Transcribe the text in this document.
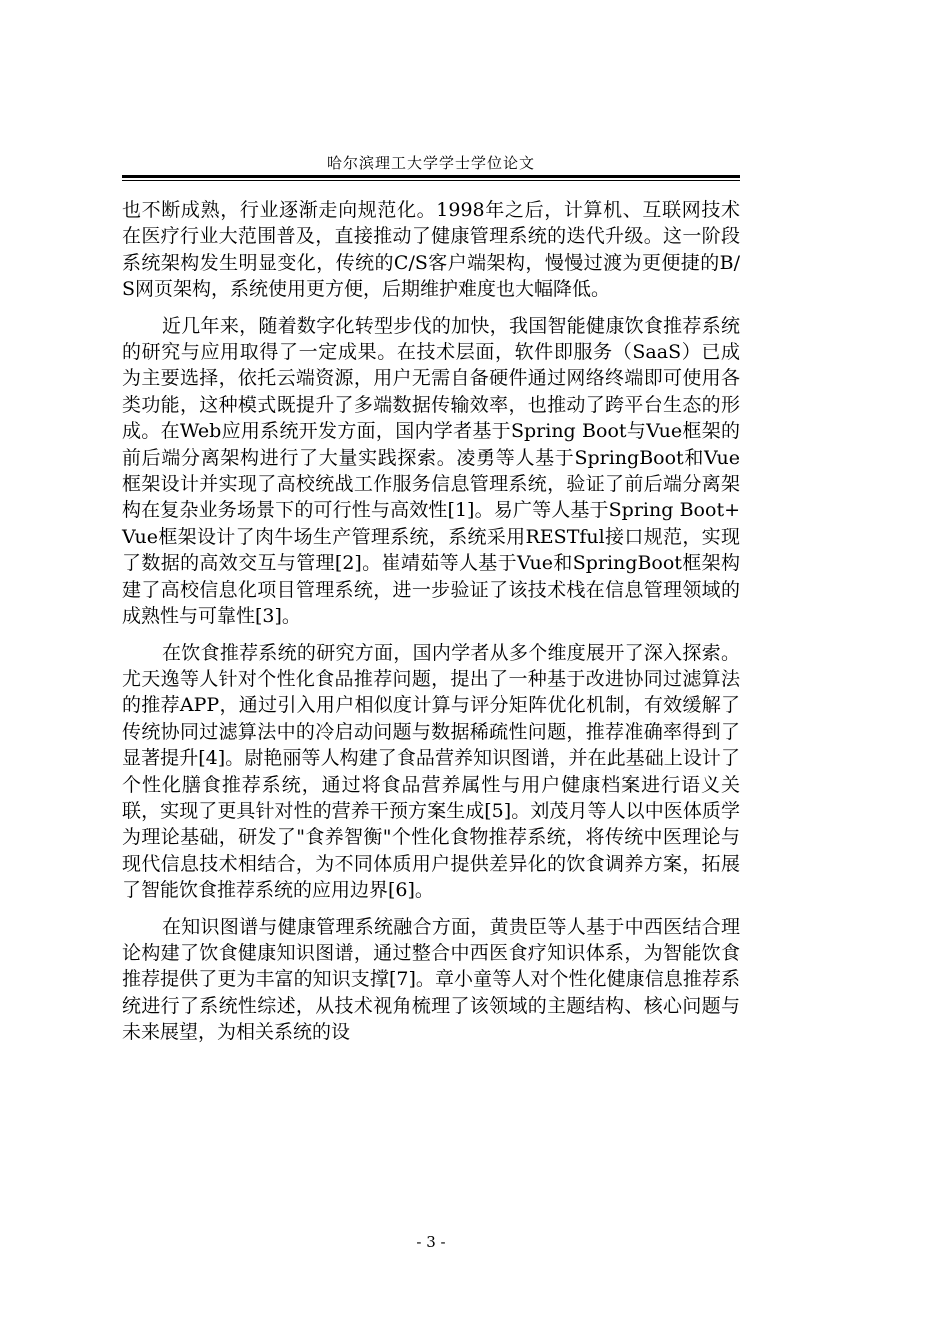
哈尔滨理工大学学士学位论文

也不断成熟，行业逐渐走向规范化。1998年之后，计算机、互联网技术在医疗行业大范围普及，直接推动了健康管理系统的迭代升级。这一阶段系统架构发生明显变化，传统的C/S客户端架构，慢慢过渡为更便捷的B/S网页架构，系统使用更方便，后期维护难度也大幅降低。

近几年来，随着数字化转型步伐的加快，我国智能健康饮食推荐系统的研究与应用取得了一定成果。在技术层面，软件即服务（SaaS）已成为主要选择，依托云端资源，用户无需自备硬件通过网络终端即可使用各类功能，这种模式既提升了多端数据传输效率，也推动了跨平台生态的形成。在Web应用系统开发方面，国内学者基于Spring Boot与Vue框架的前后端分离架构进行了大量实践探索。凌勇等人基于SpringBoot和Vue框架设计并实现了高校统战工作服务信息管理系统，验证了前后端分离架构在复杂业务场景下的可行性与高效性[1]。易广等人基于Spring Boot+Vue框架设计了肉牛场生产管理系统，系统采用RESTful接口规范，实现了数据的高效交互与管理[2]。崔靖茹等人基于Vue和SpringBoot框架构建了高校信息化项目管理系统，进一步验证了该技术栈在信息管理领域的成熟性与可靠性[3]。

在饮食推荐系统的研究方面，国内学者从多个维度展开了深入探索。尤天逸等人针对个性化食品推荐问题，提出了一种基于改进协同过滤算法的推荐APP，通过引入用户相似度计算与评分矩阵优化机制，有效缓解了传统协同过滤算法中的冷启动问题与数据稀疏性问题，推荐准确率得到了显著提升[4]。尉艳丽等人构建了食品营养知识图谱，并在此基础上设计了个性化膳食推荐系统，通过将食品营养属性与用户健康档案进行语义关联，实现了更具针对性的营养干预方案生成[5]。刘茂月等人以中医体质学为理论基础，研发了"食养智衡"个性化食物推荐系统，将传统中医理论与现代信息技术相结合，为不同体质用户提供差异化的饮食调养方案，拓展了智能饮食推荐系统的应用边界[6]。

在知识图谱与健康管理系统融合方面，黄贵臣等人基于中西医结合理论构建了饮食健康知识图谱，通过整合中西医食疗知识体系，为智能饮食推荐提供了更为丰富的知识支撑[7]。章小童等人对个性化健康信息推荐系统进行了系统性综述，从技术视角梳理了该领域的主题结构、核心问题与未来展望，为相关系统的设

- 3 -
